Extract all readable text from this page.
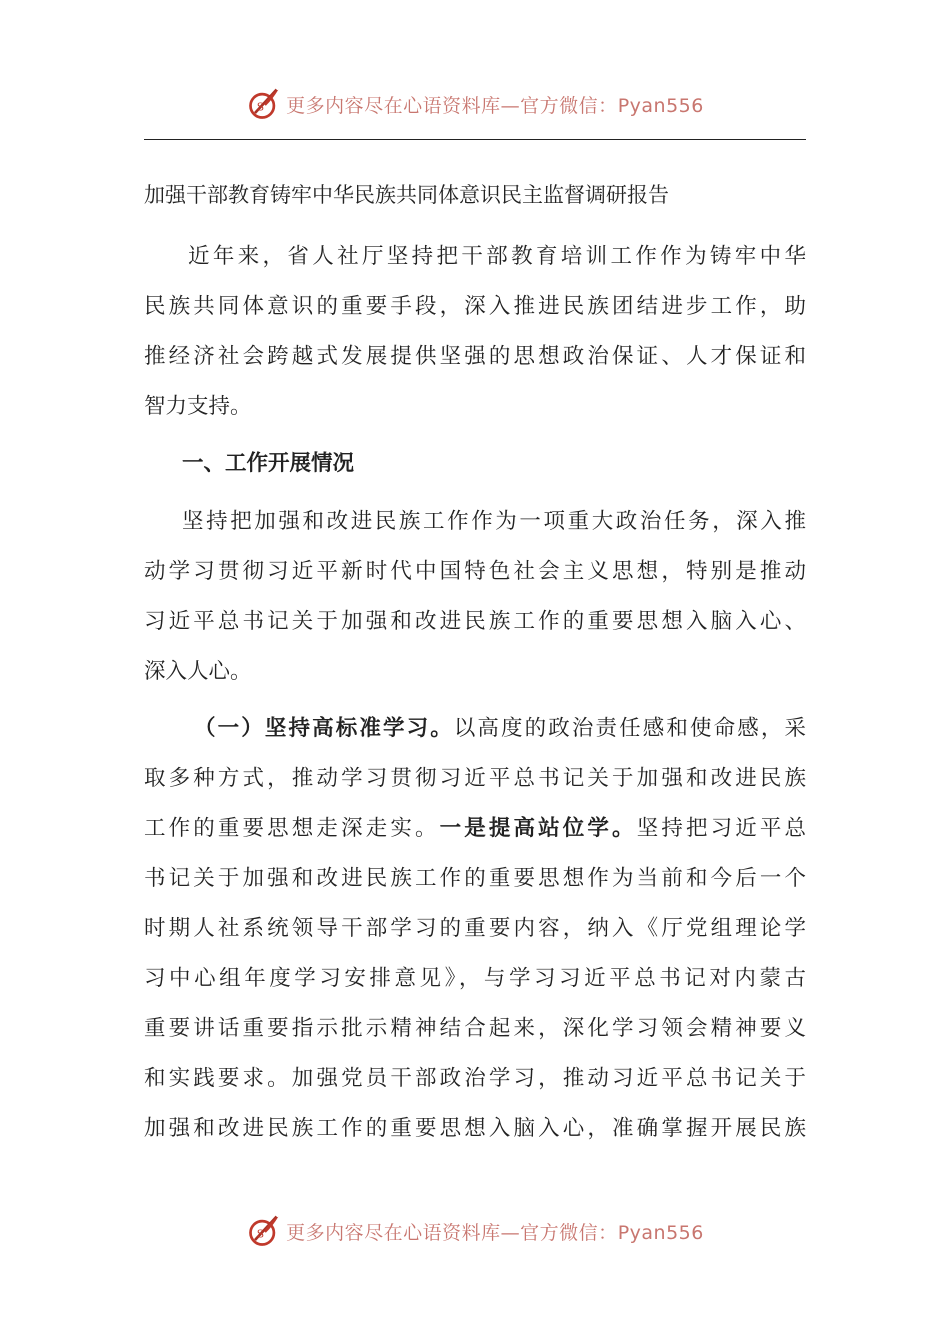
S 更多内容尽在心语资料库—官方微信：Pyan556
加强干部教育铸牢中华民族共同体意识民主监督调研报告
近年来，省人社厅坚持把干部教育培训工作作为铸牢中华
民族共同体意识的重要手段，深入推进民族团结进步工作，助
推经济社会跨越式发展提供坚强的思想政治保证、人才保证和
智力支持。
一、工作开展情况
坚持把加强和改进民族工作作为一项重大政治任务，深入推
动学习贯彻习近平新时代中国特色社会主义思想，特别是推动
习近平总书记关于加强和改进民族工作的重要思想入脑入心、
深入人心。
（一）坚持高标准学习。以高度的政治责任感和使命感，采
取多种方式，推动学习贯彻习近平总书记关于加强和改进民族
工作的重要思想走深走实。一是提高站位学。坚持把习近平总
书记关于加强和改进民族工作的重要思想作为当前和今后一个
时期人社系统领导干部学习的重要内容，纳入《厅党组理论学
习中心组年度学习安排意见》，与学习习近平总书记对内蒙古
重要讲话重要指示批示精神结合起来，深化学习领会精神要义
和实践要求。加强党员干部政治学习，推动习近平总书记关于
加强和改进民族工作的重要思想入脑入心，准确掌握开展民族
S 更多内容尽在心语资料库—官方微信：Pyan556
